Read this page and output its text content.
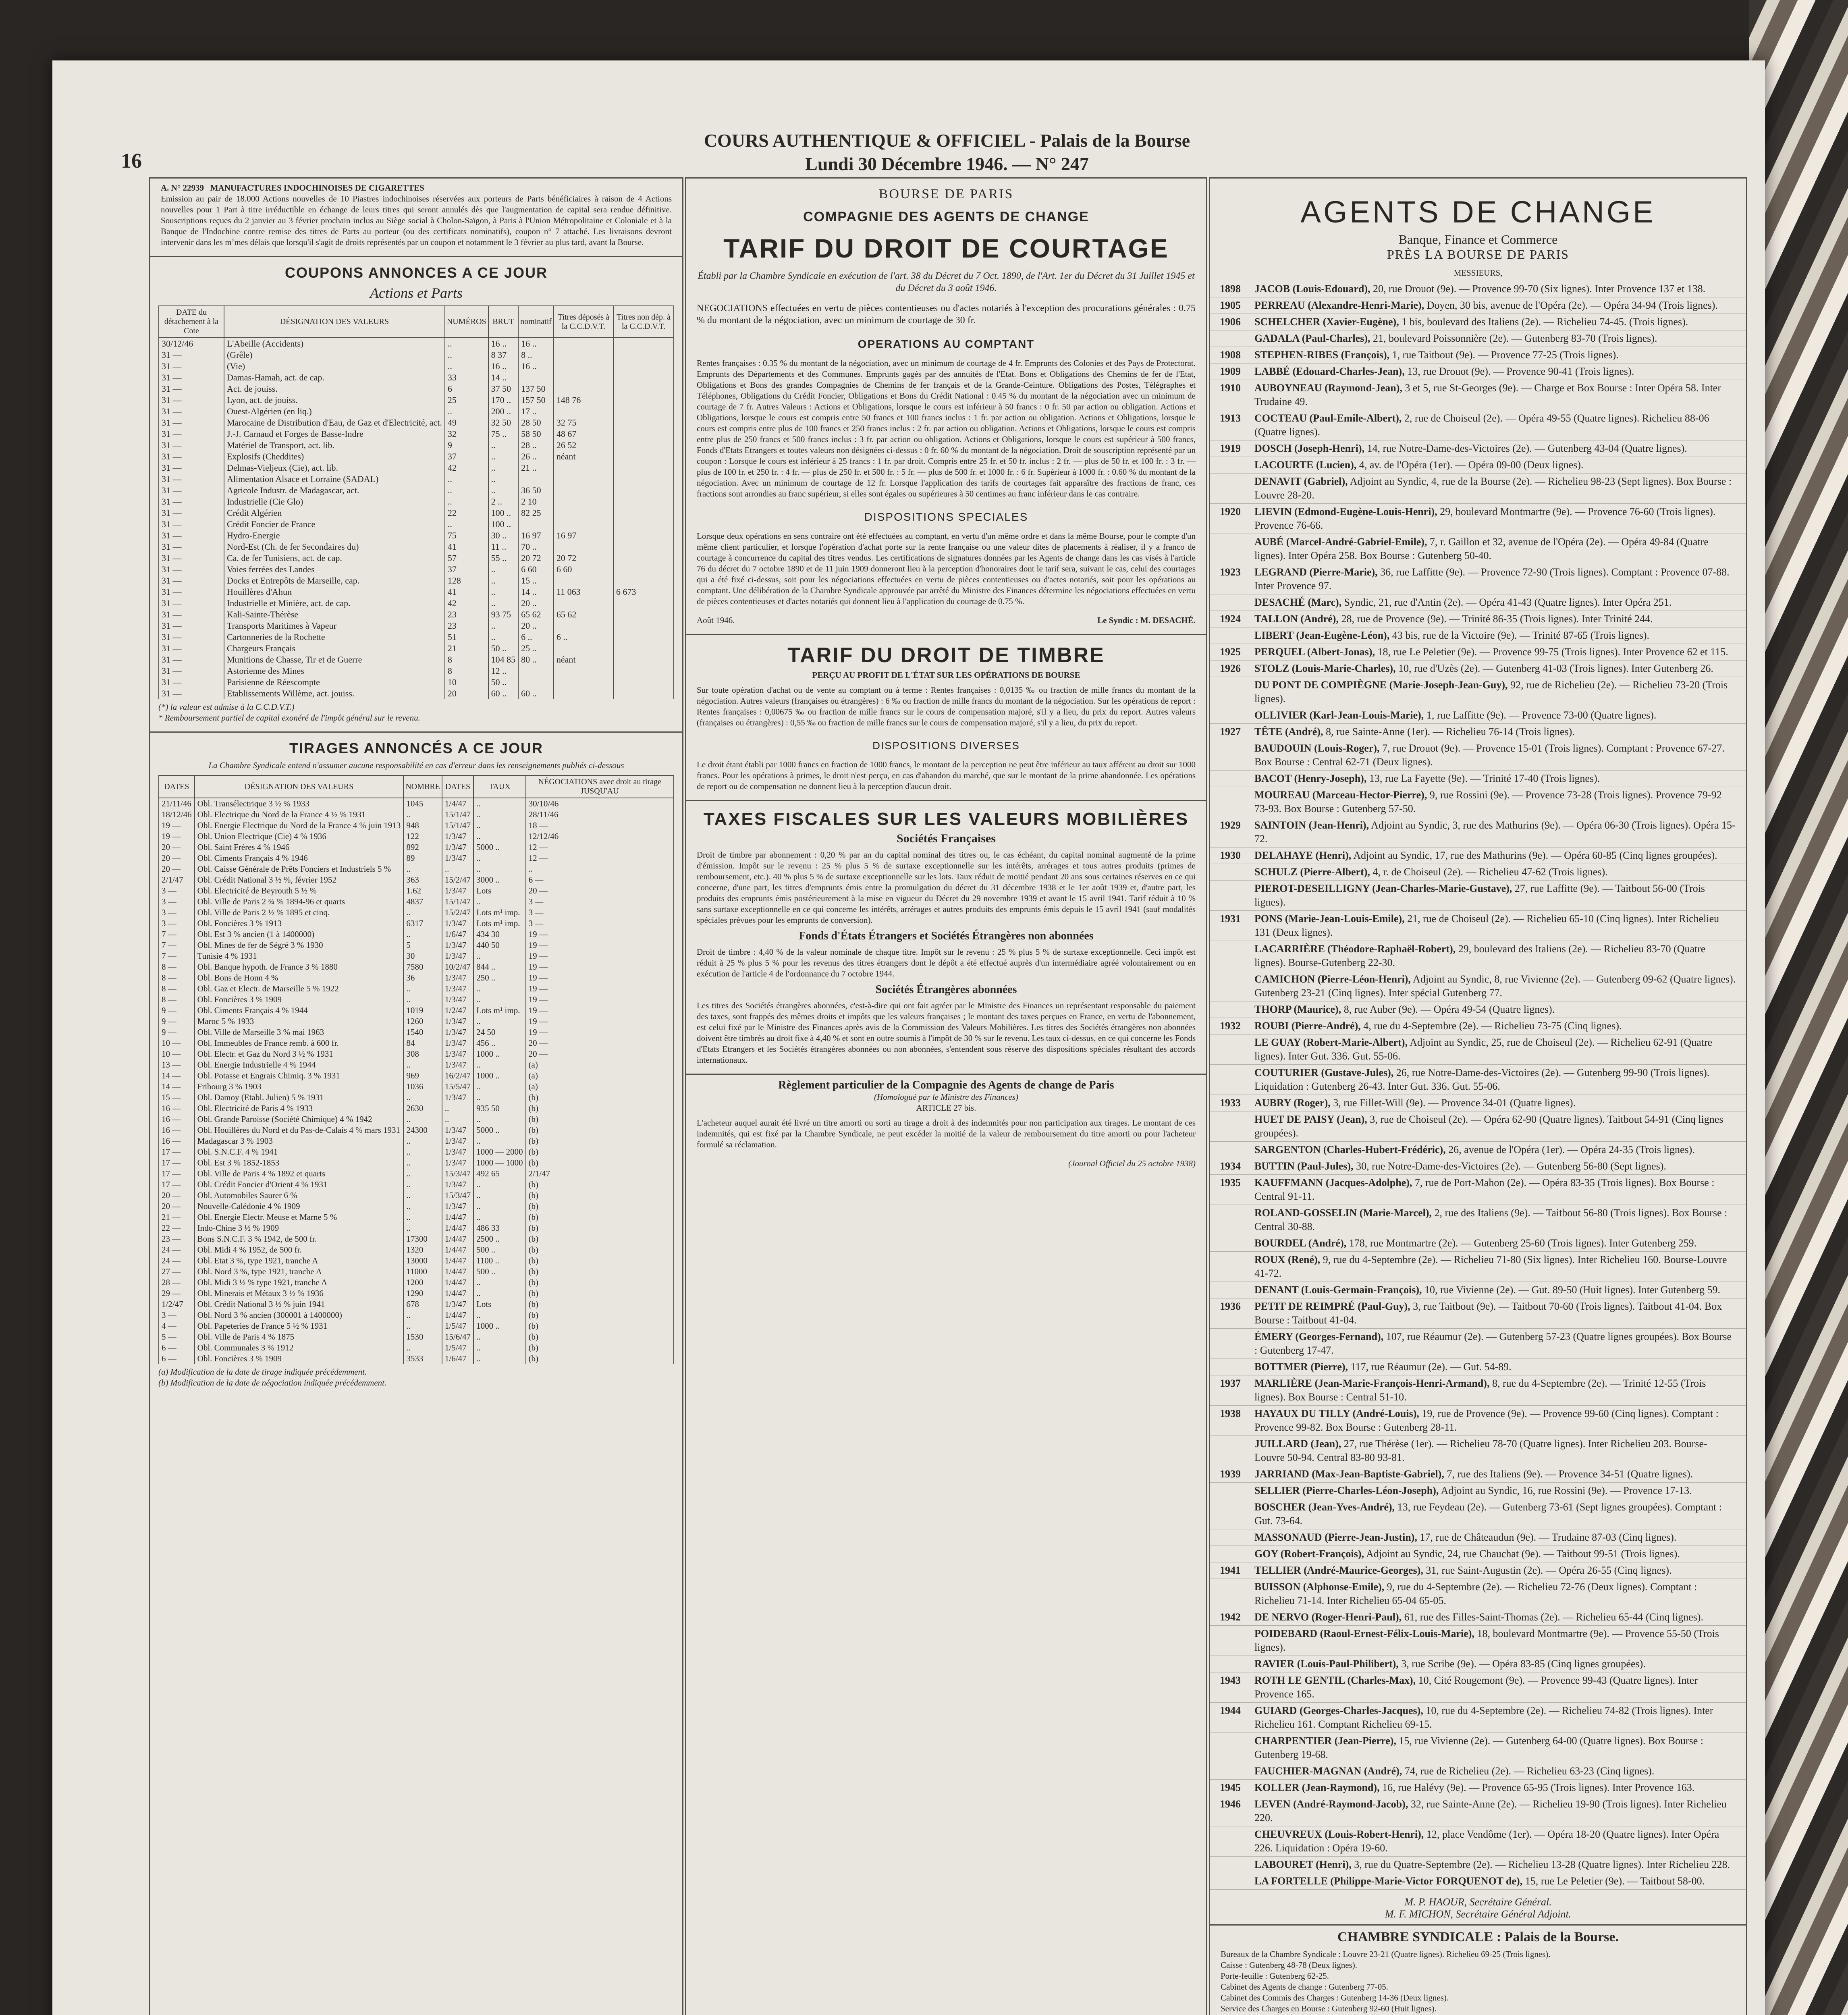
16
COURS AUTHENTIQUE & OFFICIEL - Palais de la Bourse
Lundi 30 Décembre 1946. — N° 247
A. N° 22939 MANUFACTURES INDOCHINOISES DE CIGARETTES
Emission au pair de 18.000 Actions nouvelles de 10 Piastres indochinoises réservées aux porteurs de Parts bénéficiaires à raison de 4 Actions nouvelles pour 1 Part à titre irréductible en échange de leurs titres qui seront annulés dès que l'augmentation de capital sera rendue définitive. Souscriptions reçues du 2 janvier au 3 février prochain inclus au Siège social à Cholon-Saïgon, à Paris à l'Union Métropolitaine et Coloniale et à la Banque de l'Indochine contre remise des titres de Parts au porteur (ou des certificats nominatifs), coupon n° 7 attaché. Les livraisons devront intervenir dans les m’mes délais que lorsqu'il s'agit de droits représentés par un coupon et notamment le 3 février au plus tard, avant la Bourse.
COUPONS ANNONCES A CE JOUR
Actions et Parts
DATE du détachement à la Cote	DÉSIGNATION DES VALEURS	NUMÉROS	BRUT	nominatif	Titres déposés à la C.C.D.V.T.	Titres non dép. à la C.C.D.V.T.
30/12/46	L'Abeille (Accidents)	..	16 ..	16 ..		
31 —	(Grêle)	..	8 37	8 ..		
31 —	(Vie)	..	16 ..	16 ..		
31 —	Damas-Hamah, act. de cap.	33	14 ..			
31 —	Act. de jouiss.	6	37 50	137 50		
31 —	Lyon, act. de jouiss.	25	170 ..	157 50	148 76	
31 —	Ouest-Algérien (en liq.)	..	200 ..	17 ..		
31 —	Marocaine de Distribution d'Eau, de Gaz et d'Electricité, act.	49	32 50	28 50	32 75	
31 —	J.-J. Carnaud et Forges de Basse-Indre	32	75 ..	58 50	48 67	
31 —	Matériel de Transport, act. lib.	9	..	28 ..	26 52	
31 —	Explosifs (Cheddites)	37	..	26 ..	néant	
31 —	Delmas-Vieljeux (Cie), act. lib.	42	..	21 ..		
31 —	Alimentation Alsace et Lorraine (SADAL)	..	..			
31 —	Agricole Industr. de Madagascar, act.	..	..	36 50		
31 —	Industrielle (Cie Glo)	..	2 ..	2 10		
31 —	Crédit Algérien	22	100 ..	82 25		
31 —	Crédit Foncier de France	..	100 ..			
31 —	Hydro-Energie	75	30 ..	16 97	16 97	
31 —	Nord-Est (Ch. de fer Secondaires du)	41	11 ..	70 ..		
31 —	Ca. de fer Tunisiens, act. de cap.	57	55 ..	20 72	20 72	
31 —	Voies ferrées des Landes	37	..	6 60	6 60	
31 —	Docks et Entrepôts de Marseille, cap.	128	..	15 ..		
31 —	Houillères d'Ahun	41	..	14 ..	11 063	6 673
31 —	Industrielle et Minière, act. de cap.	42	..	20 ..		
31 —	Kali-Sainte-Thérèse	23	93 75	65 62	65 62	
31 —	Transports Maritimes à Vapeur	23	..	20 ..		
31 —	Cartonneries de la Rochette	51	..	6 ..	6 ..	
31 —	Chargeurs Français	21	50 ..	25 ..		
31 —	Munitions de Chasse, Tir et de Guerre	8	104 85	80 ..	néant	
31 —	Astorienne des Mines	8	12 ..			
31 —	Parisienne de Réescompte	10	50 ..			
31 —	Etablissements Willème, act. jouiss.	20	60 ..	60 ..		
(*) la valeur est admise à la C.C.D.V.T.)
* Remboursement partiel de capital exonéré de l'impôt général sur le revenu.
TIRAGES ANNONCÉS A CE JOUR
La Chambre Syndicale entend n'assumer aucune responsabilité en cas d'erreur dans les renseignements publiés ci-dessous
DATES	DÉSIGNATION DES VALEURS	NOMBRE	DATES	TAUX	NÉGOCIATIONS avec droit au tirage JUSQU'AU
21/11/46	Obl. Transélectrique 3 ½ % 1933	1045	1/4/47	..	30/10/46
18/12/46	Obl. Electrique du Nord de la France 4 ½ % 1931	..	15/1/47	..	28/11/46
19 —	Obl. Energie Electrique du Nord de la France 4 % juin 1913	948	15/1/47	..	18 —
19 —	Obl. Union Electrique (Cie) 4 % 1936	122	1/3/47	..	12/12/46
20 —	Obl. Saint Frères 4 % 1946	892	1/3/47	5000 ..	12 —
20 —	Obl. Ciments Français 4 % 1946	89	1/3/47	..	12 —
20 —	Obl. Caisse Générale de Prêts Fonciers et Industriels 5 %	..	..	..	..
2/1/47	Obl. Crédit National 3 ½ %, février 1952	363	15/2/47	3000 ..	6 —
3 —	Obl. Electricité de Beyrouth 5 ½ %	1.62	1/3/47	Lots	20 —
3 —	Obl. Ville de Paris 2 ¾ % 1894-96 et quarts	4837	15/1/47	..	3 —
3 —	Obl. Ville de Paris 2 ½ % 1895 et cinq.	..	15/2/47	Lots m¹ imp.	3 —
3 —	Obl. Foncières 3 % 1913	6317	1/3/47	Lots m¹ imp.	3 —
7 —	Obl. Est 3 % ancien (1 à 1400000)	..	1/6/47	434 30	19 —
7 —	Obl. Mines de fer de Ségré 3 % 1930	5	1/3/47	440 50	19 —
7 —	Tunisie 4 % 1931	30	1/3/47	..	19 —
8 —	Obl. Banque hypoth. de France 3 % 1880	7580	10/2/47	844 ..	19 —
8 —	Obl. Bons de Honn 4 %	36	1/3/47	250 ..	19 —
8 —	Obl. Gaz et Electr. de Marseille 5 % 1922	..	1/3/47	..	19 —
8 —	Obl. Foncières 3 % 1909	..	1/3/47	..	19 —
9 —	Obl. Ciments Français 4 % 1944	1019	1/2/47	Lots m¹ imp.	19 —
9 —	Maroc 5 % 1933	1260	1/3/47	..	19 —
9 —	Obl. Ville de Marseille 3 % mai 1963	1540	1/3/47	24 50	19 —
10 —	Obl. Immeubles de France remb. à 600 fr.	84	1/3/47	456 ..	20 —
10 —	Obl. Electr. et Gaz du Nord 3 ½ % 1931	308	1/3/47	1000 ..	20 —
13 —	Obl. Energie Industrielle 4 % 1944	..	1/3/47	..	(a)
14 —	Obl. Potasse et Engrais Chimiq. 3 % 1931	969	16/2/47	1000 ..	(a)
14 —	Fribourg 3 % 1903	1036	15/5/47	..	(a)
15 —	Obl. Damoy (Etabl. Julien) 5 % 1931	..	1/3/47	..	(b)
16 —	Obl. Electricité de Paris 4 % 1933	2630	..	935 50	(b)
16 —	Obl. Grande Paroisse (Société Chimique) 4 % 1942	..	..	..	(b)
16 —	Obl. Houillères du Nord et du Pas-de-Calais 4 % mars 1931	24300	1/3/47	5000 ..	(b)
16 —	Madagascar 3 % 1903	..	1/3/47	..	(b)
17 —	Obl. S.N.C.F. 4 % 1941	..	1/3/47	1000 — 2000	(b)
17 —	Obl. Est 3 % 1852-1853	..	1/3/47	1000 — 1000	(b)
17 —	Obl. Ville de Paris 4 % 1892 et quarts	..	15/3/47	492 65	2/1/47
17 —	Obl. Crédit Foncier d'Orient 4 % 1931	..	1/3/47	..	(b)
20 —	Obl. Automobiles Saurer 6 %	..	15/3/47	..	(b)
20 —	Nouvelle-Calédonie 4 % 1909	..	1/3/47	..	(b)
21 —	Obl. Energie Electr. Meuse et Marne 5 %	..	1/4/47	..	(b)
22 —	Indo-Chine 3 ½ % 1909	..	1/4/47	486 33	(b)
23 —	Bons S.N.C.F. 3 % 1942, de 500 fr.	17300	1/4/47	2500 ..	(b)
24 —	Obl. Midi 4 % 1952, de 500 fr.	1320	1/4/47	500 ..	(b)
24 —	Obl. Etat 3 %, type 1921, tranche A	13000	1/4/47	1100 ..	(b)
27 —	Obl. Nord 3 %, type 1921, tranche A	11000	1/4/47	500 ..	(b)
28 —	Obl. Midi 3 ½ % type 1921, tranche A	1200	1/4/47	..	(b)
29 —	Obl. Minerais et Métaux 3 ½ % 1936	1290	1/4/47	..	(b)
1/2/47	Obl. Crédit National 3 ½ % juin 1941	678	1/3/47	Lots	(b)
3 —	Obl. Nord 3 % ancien (300001 à 1400000)	..	1/4/47	..	(b)
4 —	Obl. Papeteries de France 5 ½ % 1931	..	1/5/47	1000 ..	(b)
5 —	Obl. Ville de Paris 4 % 1875	1530	15/6/47	..	(b)
6 —	Obl. Communales 3 % 1912	..	1/5/47	..	(b)
6 —	Obl. Foncières 3 % 1909	3533	1/6/47	..	(b)
(a) Modification de la date de tirage indiquée précédemment.
(b) Modification de la date de négociation indiquée précédemment.
BOURSE DE PARIS
COMPAGNIE DES AGENTS DE CHANGE
TARIF DU DROIT DE COURTAGE
Établi par la Chambre Syndicale en exécution de l'art. 38 du Décret du 7 Oct. 1890, de l'Art. 1er du Décret du 31 Juillet 1945 et du Décret du 3 août 1946.
NEGOCIATIONS effectuées en vertu de pièces contentieuses ou d'actes notariés à l'exception des procurations générales : 0.75 % du montant de la négociation, avec un minimum de courtage de 30 fr.
OPERATIONS AU COMPTANT
Rentes françaises : 0.35 % du montant de la négociation, avec un minimum de courtage de 4 fr. Emprunts des Colonies et des Pays de Protectorat. Emprunts des Départements et des Communes. Emprunts gagés par des annuités de l'Etat. Bons et Obligations des Chemins de fer de l'Etat, Obligations et Bons des grandes Compagnies de Chemins de fer français et de la Grande-Ceinture. Obligations des Postes, Télégraphes et Téléphones, Obligations du Crédit Foncier, Obligations et Bons du Crédit National : 0.45 % du montant de la négociation avec un minimum de courtage de 7 fr. Autres Valeurs : Actions et Obligations, lorsque le cours est inférieur à 50 francs : 0 fr. 50 par action ou obligation. Actions et Obligations, lorsque le cours est compris entre 50 francs et 100 francs inclus : 1 fr. par action ou obligation. Actions et Obligations, lorsque le cours est compris entre plus de 100 francs et 250 francs inclus : 2 fr. par action ou obligation. Actions et Obligations, lorsque le cours est compris entre plus de 250 francs et 500 francs inclus : 3 fr. par action ou obligation. Actions et Obligations, lorsque le cours est supérieur à 500 francs, Fonds d'Etats Etrangers et toutes valeurs non désignées ci-dessus : 0 fr. 60 % du montant de la négociation. Droit de souscription représenté par un coupon : Lorsque le cours est inférieur à 25 francs : 1 fr. par droit. Compris entre 25 fr. et 50 fr. inclus : 2 fr. — plus de 50 fr. et 100 fr. : 3 fr. — plus de 100 fr. et 250 fr. : 4 fr. — plus de 250 fr. et 500 fr. : 5 fr. — plus de 500 fr. et 1000 fr. : 6 fr. Supérieur à 1000 fr. : 0.60 % du montant de la négociation. Avec un minimum de courtage de 12 fr. Lorsque l'application des tarifs de courtages fait apparaître des fractions de franc, ces fractions sont arrondies au franc supérieur, si elles sont égales ou supérieures à 50 centimes au franc inférieur dans le cas contraire.
DISPOSITIONS SPECIALES
Lorsque deux opérations en sens contraire ont été effectuées au comptant, en vertu d'un même ordre et dans la même Bourse, pour le compte d'un même client particulier, et lorsque l'opération d'achat porte sur la rente française ou une valeur dites de placements à réaliser, il y a franco de courtage à concurrence du capital des titres vendus. Les certifications de signatures données par les Agents de change dans les cas visés à l'article 76 du décret du 7 octobre 1890 et de 11 juin 1909 donneront lieu à la perception d'honoraires dont le tarif sera, suivant le cas, celui des courtages qui a été fixé ci-dessus, soit pour les négociations effectuées en vertu de pièces contentieuses ou d'actes notariés, soit pour les opérations au comptant. Une délibération de la Chambre Syndicale approuvée par arrêté du Ministre des Finances détermine les négociations effectuées en vertu de pièces contentieuses et d'actes notariés qui donnent lieu à l'application du courtage de 0.75 %.
Août 1946.	Le Syndic : M. DESACHÉ.
TARIF DU DROIT DE TIMBRE
PERÇU AU PROFIT DE L'ÉTAT SUR LES OPÉRATIONS DE BOURSE
Sur toute opération d'achat ou de vente au comptant ou à terme : Rentes françaises : 0,0135 ‰ ou fraction de mille francs du montant de la négociation. Autres valeurs (françaises ou étrangères) : 6 ‰ ou fraction de mille francs du montant de la négociation. Sur les opérations de report : Rentes françaises : 0,00675 ‰ ou fraction de mille francs sur le cours de compensation majoré, s'il y a lieu, du prix du report. Autres valeurs (françaises ou étrangères) : 0,55 ‰ ou fraction de mille francs sur le cours de compensation majoré, s'il y a lieu, du prix du report.
DISPOSITIONS DIVERSES
Le droit étant établi par 1000 francs en fraction de 1000 francs, le montant de la perception ne peut être inférieur au taux afférent au droit sur 1000 francs. Pour les opérations à primes, le droit n'est perçu, en cas d'abandon du marché, que sur le montant de la prime abandonnée. Les opérations de report ou de compensation ne donnent lieu à la perception d'aucun droit.
TAXES FISCALES SUR LES VALEURS MOBILIÈRES
Sociétés Françaises
Droit de timbre par abonnement : 0,20 % par an du capital nominal des titres ou, le cas échéant, du capital nominal augmenté de la prime d'émission. Impôt sur le revenu : 25 % plus 5 % de surtaxe exceptionnelle sur les intérêts, arrérages et tous autres produits (primes de remboursement, etc.). 40 % plus 5 % de surtaxe exceptionnelle sur les lots. Taux réduit de moitié pendant 20 ans sous certaines réserves en ce qui concerne, d'une part, les titres d'emprunts émis entre la promulgation du décret du 31 décembre 1938 et le 1er août 1939 et, d'autre part, les produits des emprunts émis postérieurement à la mise en vigueur du Décret du 29 novembre 1939 et avant le 15 avril 1941. Tarif réduit à 10 % sans surtaxe exceptionnelle en ce qui concerne les intérêts, arrérages et autres produits des emprunts émis depuis le 15 avril 1941 (sauf modalités spéciales prévues pour les emprunts de conversion).
Fonds d'États Étrangers et Sociétés Étrangères non abonnées
Droit de timbre : 4,40 % de la valeur nominale de chaque titre. Impôt sur le revenu : 25 % plus 5 % de surtaxe exceptionnelle. Ceci impôt est réduit à 25 % plus 5 % pour les revenus des titres étrangers dont le dépôt a été effectué auprès d'un intermédiaire agréé volontairement ou en exécution de l'article 4 de l'ordonnance du 7 octobre 1944.
Sociétés Étrangères abonnées
Les titres des Sociétés étrangères abonnées, c'est-à-dire qui ont fait agréer par le Ministre des Finances un représentant responsable du paiement des taxes, sont frappés des mêmes droits et impôts que les valeurs françaises ; le montant des taxes perçues en France, en vertu de l'abonnement, est celui fixé par le Ministre des Finances après avis de la Commission des Valeurs Mobilières. Les titres des Sociétés étrangères non abonnées doivent être timbrés au droit fixe à 4,40 % et sont en outre soumis à l'impôt de 30 % sur le revenu. Les taux ci-dessus, en ce qui concerne les Fonds d'Etats Etrangers et les Sociétés étrangères abonnées ou non abonnées, s'entendent sous réserve des dispositions spéciales résultant des accords internationaux.
Règlement particulier de la Compagnie des Agents de change de Paris
(Homologué par le Ministre des Finances)
ARTICLE 27 bis.
L'acheteur auquel aurait été livré un titre amorti ou sorti au tirage a droit à des indemnités pour non participation aux tirages. Le montant de ces indemnités, qui est fixé par la Chambre Syndicale, ne peut excéder la moitié de la valeur de remboursement du titre amorti ou pour l'acheteur formulé sa réclamation.
(Journal Officiel du 25 octobre 1938)
AGENTS DE CHANGE
Banque, Finance et Commerce
PRÈS LA BOURSE DE PARIS
MESSIEURS,
1898 JACOB (Louis-Edouard), 20, rue Drouot (9e). — Provence 99-70 (Six lignes). Inter Provence 137 et 138.
1905 PERREAU (Alexandre-Henri-Marie), Doyen, 30 bis, avenue de l'Opéra (2e). — Opéra 34-94 (Trois lignes).
1906 SCHELCHER (Xavier-Eugène), 1 bis, boulevard des Italiens (2e). — Richelieu 74-45. (Trois lignes).
GADALA (Paul-Charles), 21, boulevard Poissonnière (2e). — Gutenberg 83-70 (Trois lignes).
1908 STEPHEN-RIBES (François), 1, rue Taitbout (9e). — Provence 77-25 (Trois lignes).
1909 LABBÉ (Edouard-Charles-Jean), 13, rue Drouot (9e). — Provence 90-41 (Trois lignes).
1910 AUBOYNEAU (Raymond-Jean), 3 et 5, rue St-Georges (9e). — Charge et Box Bourse : Inter Opéra 58. Inter Trudaine 49.
1913 COCTEAU (Paul-Emile-Albert), 2, rue de Choiseul (2e). — Opéra 49-55 (Quatre lignes). Richelieu 88-06 (Quatre lignes).
1919 DOSCH (Joseph-Henri), 14, rue Notre-Dame-des-Victoires (2e). — Gutenberg 43-04 (Quatre lignes).
LACOURTE (Lucien), 4, av. de l'Opéra (1er). — Opéra 09-00 (Deux lignes).
DENAVIT (Gabriel), Adjoint au Syndic, 4, rue de la Bourse (2e). — Richelieu 98-23 (Sept lignes). Box Bourse : Louvre 28-20.
1920 LIEVIN (Edmond-Eugène-Louis-Henri), 29, boulevard Montmartre (9e). — Provence 76-60 (Trois lignes). Provence 76-66.
AUBÉ (Marcel-André-Gabriel-Emile), 7, r. Gaillon et 32, avenue de l'Opéra (2e). — Opéra 49-84 (Quatre lignes). Inter Opéra 258. Box Bourse : Gutenberg 50-40.
1923 LEGRAND (Pierre-Marie), 36, rue Laffitte (9e). — Provence 72-90 (Trois lignes). Comptant : Provence 07-88. Inter Provence 97.
DESACHÉ (Marc), Syndic, 21, rue d'Antin (2e). — Opéra 41-43 (Quatre lignes). Inter Opéra 251.
1924 TALLON (André), 28, rue de Provence (9e). — Trinité 86-35 (Trois lignes). Inter Trinité 244.
LIBERT (Jean-Eugène-Léon), 43 bis, rue de la Victoire (9e). — Trinité 87-65 (Trois lignes).
1925 PERQUEL (Albert-Jonas), 18, rue Le Peletier (9e). — Provence 99-75 (Trois lignes). Inter Provence 62 et 115.
1926 STOLZ (Louis-Marie-Charles), 10, rue d'Uzès (2e). — Gutenberg 41-03 (Trois lignes). Inter Gutenberg 26.
DU PONT DE COMPIÈGNE (Marie-Joseph-Jean-Guy), 92, rue de Richelieu (2e). — Richelieu 73-20 (Trois lignes).
OLLIVIER (Karl-Jean-Louis-Marie), 1, rue Laffitte (9e). — Provence 73-00 (Quatre lignes).
1927 TÊTE (André), 8, rue Sainte-Anne (1er). — Richelieu 76-14 (Trois lignes).
BAUDOUIN (Louis-Roger), 7, rue Drouot (9e). — Provence 15-01 (Trois lignes). Comptant : Provence 67-27. Box Bourse : Central 62-71 (Deux lignes).
BACOT (Henry-Joseph), 13, rue La Fayette (9e). — Trinité 17-40 (Trois lignes).
MOUREAU (Marceau-Hector-Pierre), 9, rue Rossini (9e). — Provence 73-28 (Trois lignes). Provence 79-92 73-93. Box Bourse : Gutenberg 57-50.
1929 SAINTOIN (Jean-Henri), Adjoint au Syndic, 3, rue des Mathurins (9e). — Opéra 06-30 (Trois lignes). Opéra 15-72.
1930 DELAHAYE (Henri), Adjoint au Syndic, 17, rue des Mathurins (9e). — Opéra 60-85 (Cinq lignes groupées).
SCHULZ (Pierre-Albert), 4, r. de Choiseul (2e). — Richelieu 47-62 (Trois lignes).
PIEROT-DESEILLIGNY (Jean-Charles-Marie-Gustave), 27, rue Laffitte (9e). — Taitbout 56-00 (Trois lignes).
1931 PONS (Marie-Jean-Louis-Emile), 21, rue de Choiseul (2e). — Richelieu 65-10 (Cinq lignes). Inter Richelieu 131 (Deux lignes).
LACARRIÈRE (Théodore-Raphaël-Robert), 29, boulevard des Italiens (2e). — Richelieu 83-70 (Quatre lignes). Bourse-Gutenberg 22-30.
CAMICHON (Pierre-Léon-Henri), Adjoint au Syndic, 8, rue Vivienne (2e). — Gutenberg 09-62 (Quatre lignes). Gutenberg 23-21 (Cinq lignes). Inter spécial Gutenberg 77.
THORP (Maurice), 8, rue Auber (9e). — Opéra 49-54 (Quatre lignes).
1932 ROUBI (Pierre-André), 4, rue du 4-Septembre (2e). — Richelieu 73-75 (Cinq lignes).
LE GUAY (Robert-Marie-Albert), Adjoint au Syndic, 25, rue de Choiseul (2e). — Richelieu 62-91 (Quatre lignes). Inter Gut. 336. Gut. 55-06.
COUTURIER (Gustave-Jules), 26, rue Notre-Dame-des-Victoires (2e). — Gutenberg 99-90 (Trois lignes). Liquidation : Gutenberg 26-43. Inter Gut. 336. Gut. 55-06.
1933 AUBRY (Roger), 3, rue Fillet-Will (9e). — Provence 34-01 (Quatre lignes).
HUET DE PAISY (Jean), 3, rue de Choiseul (2e). — Opéra 62-90 (Quatre lignes). Taitbout 54-91 (Cinq lignes groupées).
SARGENTON (Charles-Hubert-Frédéric), 26, avenue de l'Opéra (1er). — Opéra 24-35 (Trois lignes).
1934 BUTTIN (Paul-Jules), 30, rue Notre-Dame-des-Victoires (2e). — Gutenberg 56-80 (Sept lignes).
1935 KAUFFMANN (Jacques-Adolphe), 7, rue de Port-Mahon (2e). — Opéra 83-35 (Trois lignes). Box Bourse : Central 91-11.
ROLAND-GOSSELIN (Marie-Marcel), 2, rue des Italiens (9e). — Taitbout 56-80 (Trois lignes). Box Bourse : Central 30-88.
BOURDEL (André), 178, rue Montmartre (2e). — Gutenberg 25-60 (Trois lignes). Inter Gutenberg 259.
ROUX (René), 9, rue du 4-Septembre (2e). — Richelieu 71-80 (Six lignes). Inter Richelieu 160. Bourse-Louvre 41-72.
DENANT (Louis-Germain-François), 10, rue Vivienne (2e). — Gut. 89-50 (Huit lignes). Inter Gutenberg 59.
1936 PETIT DE REIMPRÉ (Paul-Guy), 3, rue Taitbout (9e). — Taitbout 70-60 (Trois lignes). Taitbout 41-04. Box Bourse : Taitbout 41-04.
ÉMERY (Georges-Fernand), 107, rue Réaumur (2e). — Gutenberg 57-23 (Quatre lignes groupées). Box Bourse : Gutenberg 17-47.
BOTTMER (Pierre), 117, rue Réaumur (2e). — Gut. 54-89.
1937 MARLIÈRE (Jean-Marie-François-Henri-Armand), 8, rue du 4-Septembre (2e). — Trinité 12-55 (Trois lignes). Box Bourse : Central 51-10.
1938 HAYAUX DU TILLY (André-Louis), 19, rue de Provence (9e). — Provence 99-60 (Cinq lignes). Comptant : Provence 99-82. Box Bourse : Gutenberg 28-11.
JUILLARD (Jean), 27, rue Thérèse (1er). — Richelieu 78-70 (Quatre lignes). Inter Richelieu 203. Bourse-Louvre 50-94. Central 83-80 93-81.
1939 JARRIAND (Max-Jean-Baptiste-Gabriel), 7, rue des Italiens (9e). — Provence 34-51 (Quatre lignes).
SELLIER (Pierre-Charles-Léon-Joseph), Adjoint au Syndic, 16, rue Rossini (9e). — Provence 17-13.
BOSCHER (Jean-Yves-André), 13, rue Feydeau (2e). — Gutenberg 73-61 (Sept lignes groupées). Comptant : Gut. 73-64.
MASSONAUD (Pierre-Jean-Justin), 17, rue de Châteaudun (9e). — Trudaine 87-03 (Cinq lignes).
GOY (Robert-François), Adjoint au Syndic, 24, rue Chauchat (9e). — Taitbout 99-51 (Trois lignes).
1941 TELLIER (André-Maurice-Georges), 31, rue Saint-Augustin (2e). — Opéra 26-55 (Cinq lignes).
BUISSON (Alphonse-Emile), 9, rue du 4-Septembre (2e). — Richelieu 72-76 (Deux lignes). Comptant : Richelieu 71-14. Inter Richelieu 65-04 65-05.
1942 DE NERVO (Roger-Henri-Paul), 61, rue des Filles-Saint-Thomas (2e). — Richelieu 65-44 (Cinq lignes).
POIDEBARD (Raoul-Ernest-Félix-Louis-Marie), 18, boulevard Montmartre (9e). — Provence 55-50 (Trois lignes).
RAVIER (Louis-Paul-Philibert), 3, rue Scribe (9e). — Opéra 83-85 (Cinq lignes groupées).
1943 ROTH LE GENTIL (Charles-Max), 10, Cité Rougemont (9e). — Provence 99-43 (Quatre lignes). Inter Provence 165.
1944 GUIARD (Georges-Charles-Jacques), 10, rue du 4-Septembre (2e). — Richelieu 74-82 (Trois lignes). Inter Richelieu 161. Comptant Richelieu 69-15.
CHARPENTIER (Jean-Pierre), 15, rue Vivienne (2e). — Gutenberg 64-00 (Quatre lignes). Box Bourse : Gutenberg 19-68.
FAUCHIER-MAGNAN (André), 74, rue de Richelieu (2e). — Richelieu 63-23 (Cinq lignes).
1945 KOLLER (Jean-Raymond), 16, rue Halévy (9e). — Provence 65-95 (Trois lignes). Inter Provence 163.
1946 LEVEN (André-Raymond-Jacob), 32, rue Sainte-Anne (2e). — Richelieu 19-90 (Trois lignes). Inter Richelieu 220.
CHEUVREUX (Louis-Robert-Henri), 12, place Vendôme (1er). — Opéra 18-20 (Quatre lignes). Inter Opéra 226. Liquidation : Opéra 19-60.
LABOURET (Henri), 3, rue du Quatre-Septembre (2e). — Richelieu 13-28 (Quatre lignes). Inter Richelieu 228.
LA FORTELLE (Philippe-Marie-Victor FORQUENOT de), 15, rue Le Peletier (9e). — Taitbout 58-00.
M. P. HAOUR, Secrétaire Général.
M. F. MICHON, Secrétaire Général Adjoint.
CHAMBRE SYNDICALE : Palais de la Bourse.
Bureaux de la Chambre Syndicale : Louvre 23-21 (Quatre lignes). Richelieu 69-25 (Trois lignes).
Caisse : Gutenberg 48-78 (Deux lignes).
Porte-feuille : Gutenberg 62-25.
Cabinet des Agents de change : Gutenberg 77-05.
Cabinet des Commis des Charges : Gutenberg 14-36 (Deux lignes).
Service des Charges en Bourse : Gutenberg 92-60 (Huit lignes).
